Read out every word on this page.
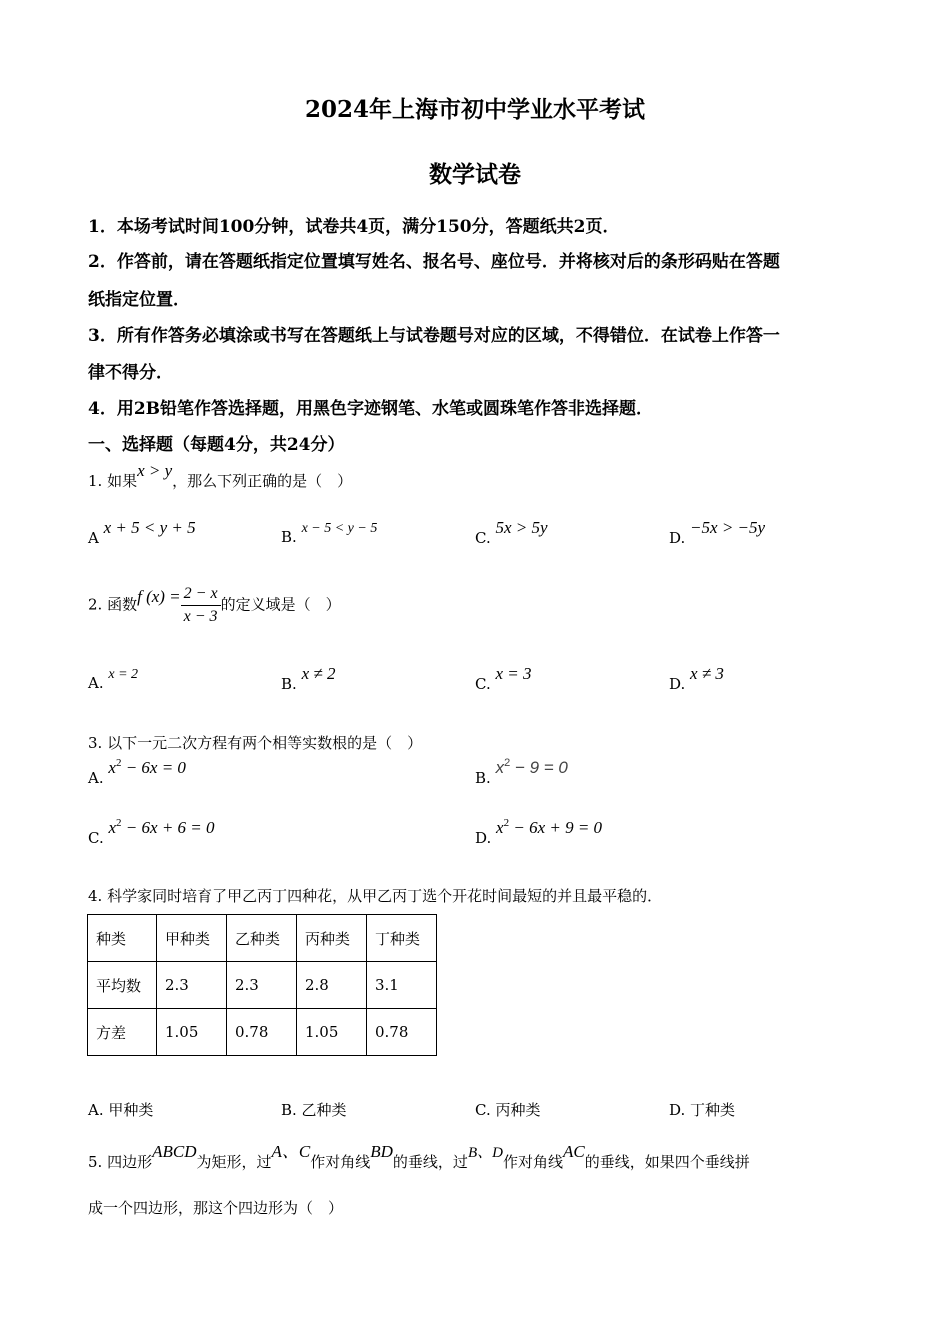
2024年上海市初中学业水平考试
数学试卷
1．本场考试时间100分钟，试卷共4页，满分150分，答题纸共2页．
2．作答前，请在答题纸指定位置填写姓名、报名号、座位号．并将核对后的条形码贴在答题
纸指定位置．
3．所有作答务必填涂或书写在答题纸上与试卷题号对应的区域，不得错位．在试卷上作答一
律不得分．
4．用2B铅笔作答选择题，用黑色字迹钢笔、水笔或圆珠笔作答非选择题．
一、选择题（每题4分，共24分）
1. 如果x > y，那么下列正确的是（　）
A x + 5 < y + 5	B. x − 5 < y − 5
C. 5x > 5y
D. −5x > −5y
2. 函数f $(x) = \frac{2 - x}{x - 3}$ 的定义域是（　）
A. x = 2
B. x ≠ 2
C. x = 3
D. x ≠ 3
3. 以下一元二次方程有两个相等实数根的是（　）
A. $x^2 - 6x = 0$
B. $x^2 - 9 = 0$
C. $x^2 - 6x + 6 = 0$
D. $x^2 - 6x + 9 = 0$
4. 科学家同时培育了甲乙丙丁四种花，从甲乙丙丁选个开花时间最短的并且最平稳的．
种类	甲种类	乙种类	丙种类	丁种类
平均数	2.3	2.3	2.8	3.1
方差	1.05	0.78	1.05	0.78
A. 甲种类	B. 乙种类	C. 丙种类	D. 丁种类
5. 四边形ABCD为矩形，过A、C作对角线BD的垂线，过B、D作对角线AC的垂线，如果四个垂线拼
成一个四边形，那这个四边形为（　）
